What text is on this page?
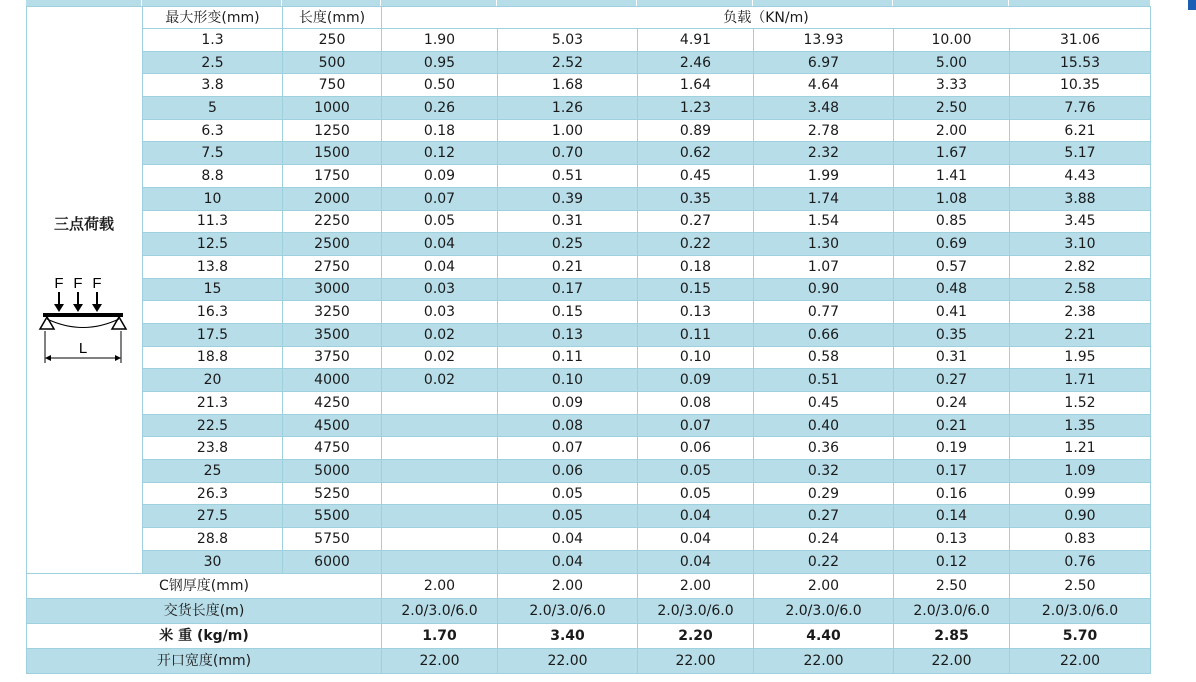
三点荷载
F F F
L	最大形变(mm)	长度(mm)	负载（KN/m)					
	1.3	250	1.90	5.03	4.91	13.93	10.00	31.06
	2.5	500	0.95	2.52	2.46	6.97	5.00	15.53
	3.8	750	0.50	1.68	1.64	4.64	3.33	10.35
	5	1000	0.26	1.26	1.23	3.48	2.50	7.76
	6.3	1250	0.18	1.00	0.89	2.78	2.00	6.21
	7.5	1500	0.12	0.70	0.62	2.32	1.67	5.17
	8.8	1750	0.09	0.51	0.45	1.99	1.41	4.43
	10	2000	0.07	0.39	0.35	1.74	1.08	3.88
	11.3	2250	0.05	0.31	0.27	1.54	0.85	3.45
	12.5	2500	0.04	0.25	0.22	1.30	0.69	3.10
	13.8	2750	0.04	0.21	0.18	1.07	0.57	2.82
	15	3000	0.03	0.17	0.15	0.90	0.48	2.58
	16.3	3250	0.03	0.15	0.13	0.77	0.41	2.38
	17.5	3500	0.02	0.13	0.11	0.66	0.35	2.21
	18.8	3750	0.02	0.11	0.10	0.58	0.31	1.95
	20	4000	0.02	0.10	0.09	0.51	0.27	1.71
	21.3	4250		0.09	0.08	0.45	0.24	1.52
	22.5	4500		0.08	0.07	0.40	0.21	1.35
	23.8	4750		0.07	0.06	0.36	0.19	1.21
	25	5000		0.06	0.05	0.32	0.17	1.09
	26.3	5250		0.05	0.05	0.29	0.16	0.99
	27.5	5500		0.05	0.04	0.27	0.14	0.90
	28.8	5750		0.04	0.04	0.24	0.13	0.83
	30	6000		0.04	0.04	0.22	0.12	0.76
C钢厚度(mm)			2.00	2.00	2.00	2.00	2.50	2.50
交货长度(m)			2.0/3.0/6.0	2.0/3.0/6.0	2.0/3.0/6.0	2.0/3.0/6.0	2.0/3.0/6.0	2.0/3.0/6.0
米 重 (kg/m)			1.70	3.40	2.20	4.40	2.85	5.70
开口宽度(mm)			22.00	22.00	22.00	22.00	22.00	22.00
